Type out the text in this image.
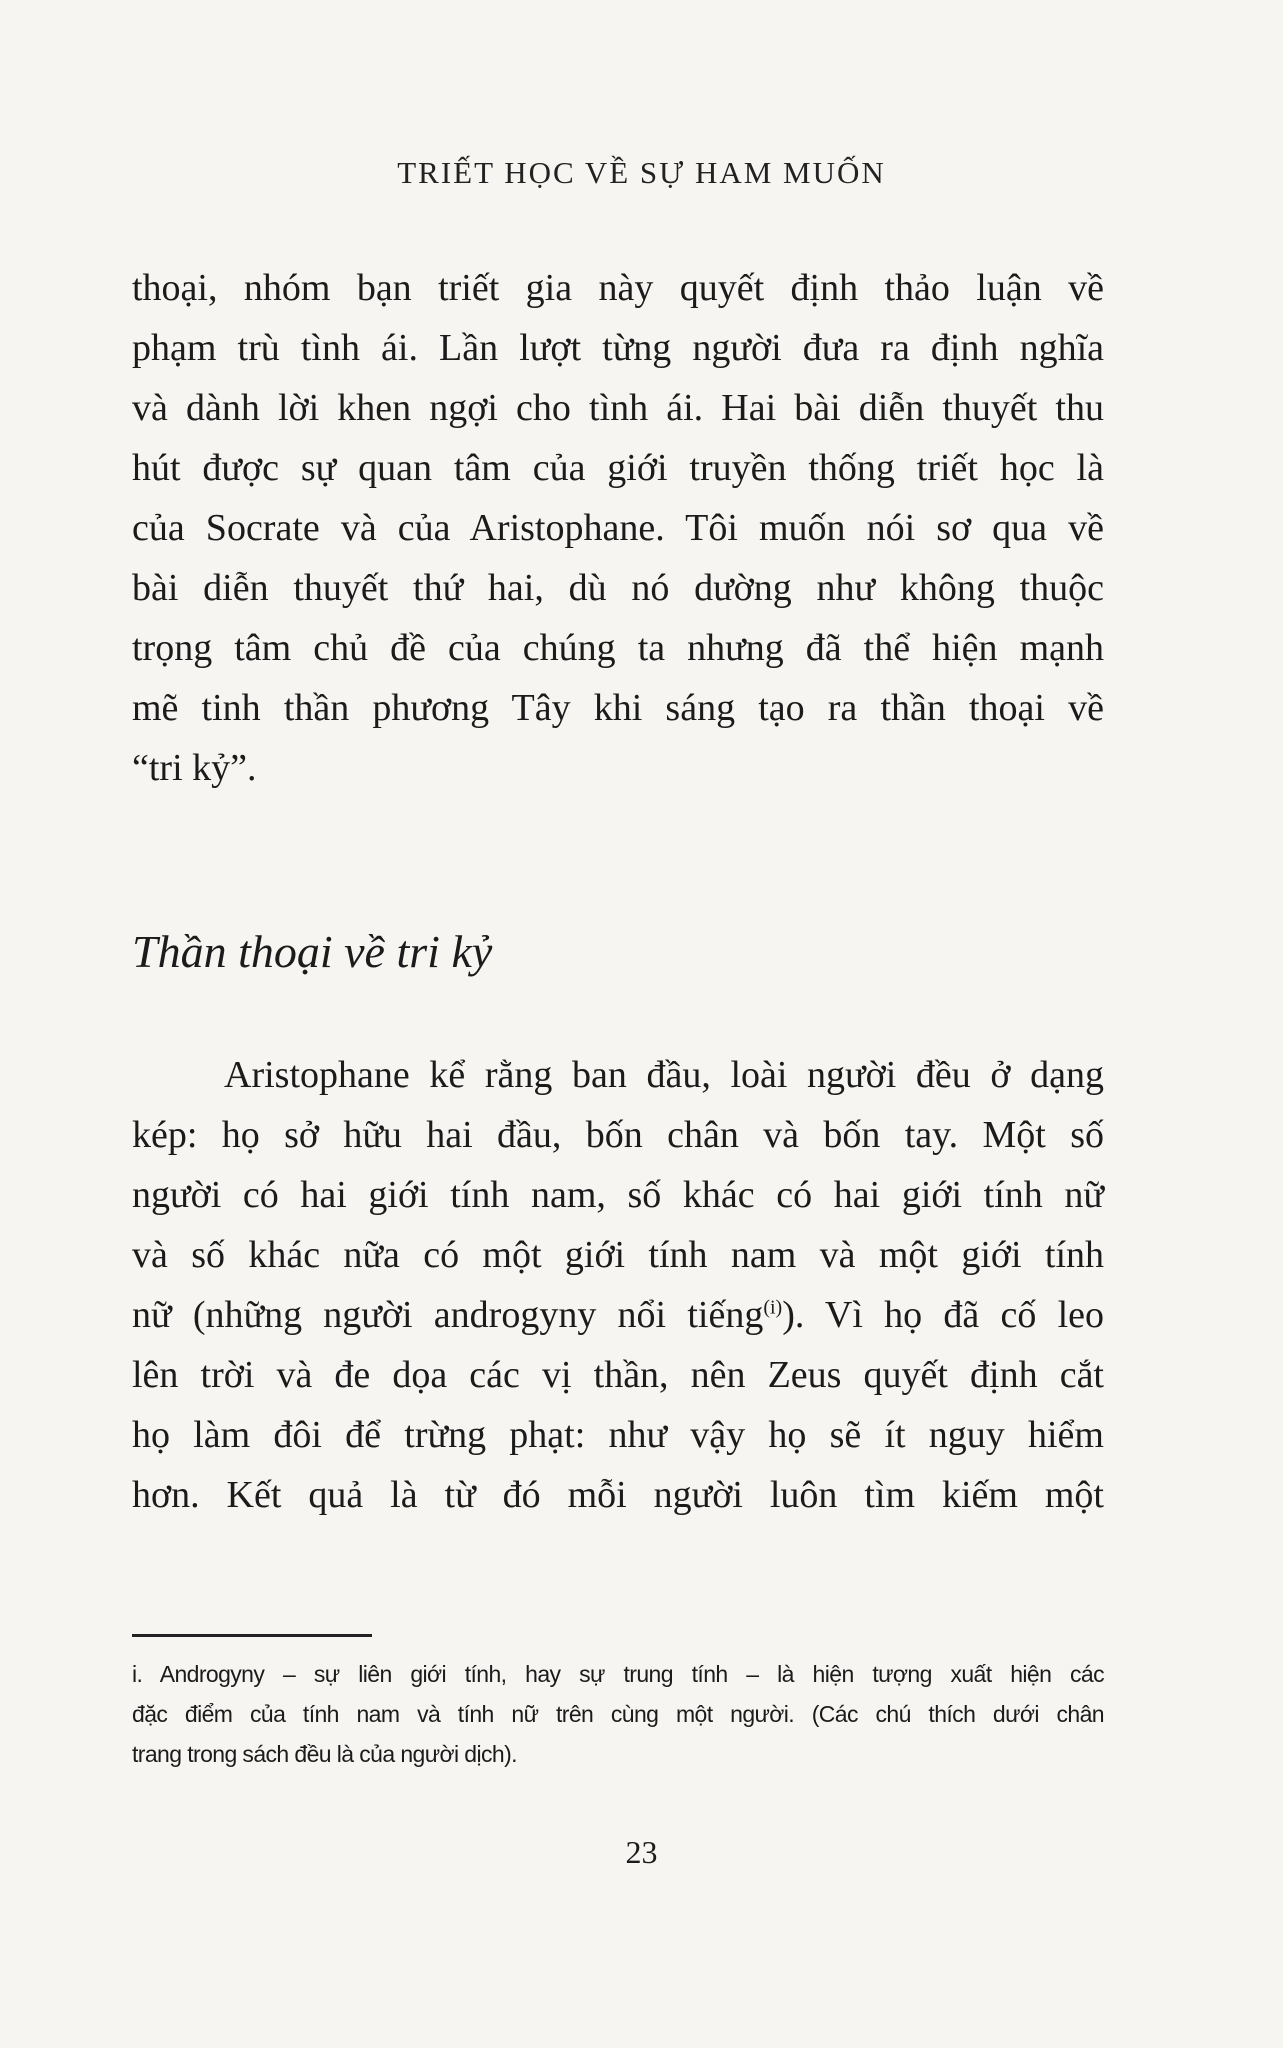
TRIẾT HỌC VỀ SỰ HAM MUỐN
thoại, nhóm bạn triết gia này quyết định thảo luận về
phạm trù tình ái. Lần lượt từng người đưa ra định nghĩa
và dành lời khen ngợi cho tình ái. Hai bài diễn thuyết thu
hút được sự quan tâm của giới truyền thống triết học là
của Socrate và của Aristophane. Tôi muốn nói sơ qua về
bài diễn thuyết thứ hai, dù nó dường như không thuộc
trọng tâm chủ đề của chúng ta nhưng đã thể hiện mạnh
mẽ tinh thần phương Tây khi sáng tạo ra thần thoại về
“tri kỷ”.
Thần thoại về tri kỷ
Aristophane kể rằng ban đầu, loài người đều ở dạng
kép: họ sở hữu hai đầu, bốn chân và bốn tay. Một số
người có hai giới tính nam, số khác có hai giới tính nữ
và số khác nữa có một giới tính nam và một giới tính
nữ (những người androgyny nổi tiếng$^{(i)}$). Vì họ đã cố leo
lên trời và đe dọa các vị thần, nên Zeus quyết định cắt
họ làm đôi để trừng phạt: như vậy họ sẽ ít nguy hiểm
hơn. Kết quả là từ đó mỗi người luôn tìm kiếm một
i. Androgyny – sự liên giới tính, hay sự trung tính – là hiện tượng xuất hiện các
đặc điểm của tính nam và tính nữ trên cùng một người. (Các chú thích dưới chân
trang trong sách đều là của người dịch).
23
